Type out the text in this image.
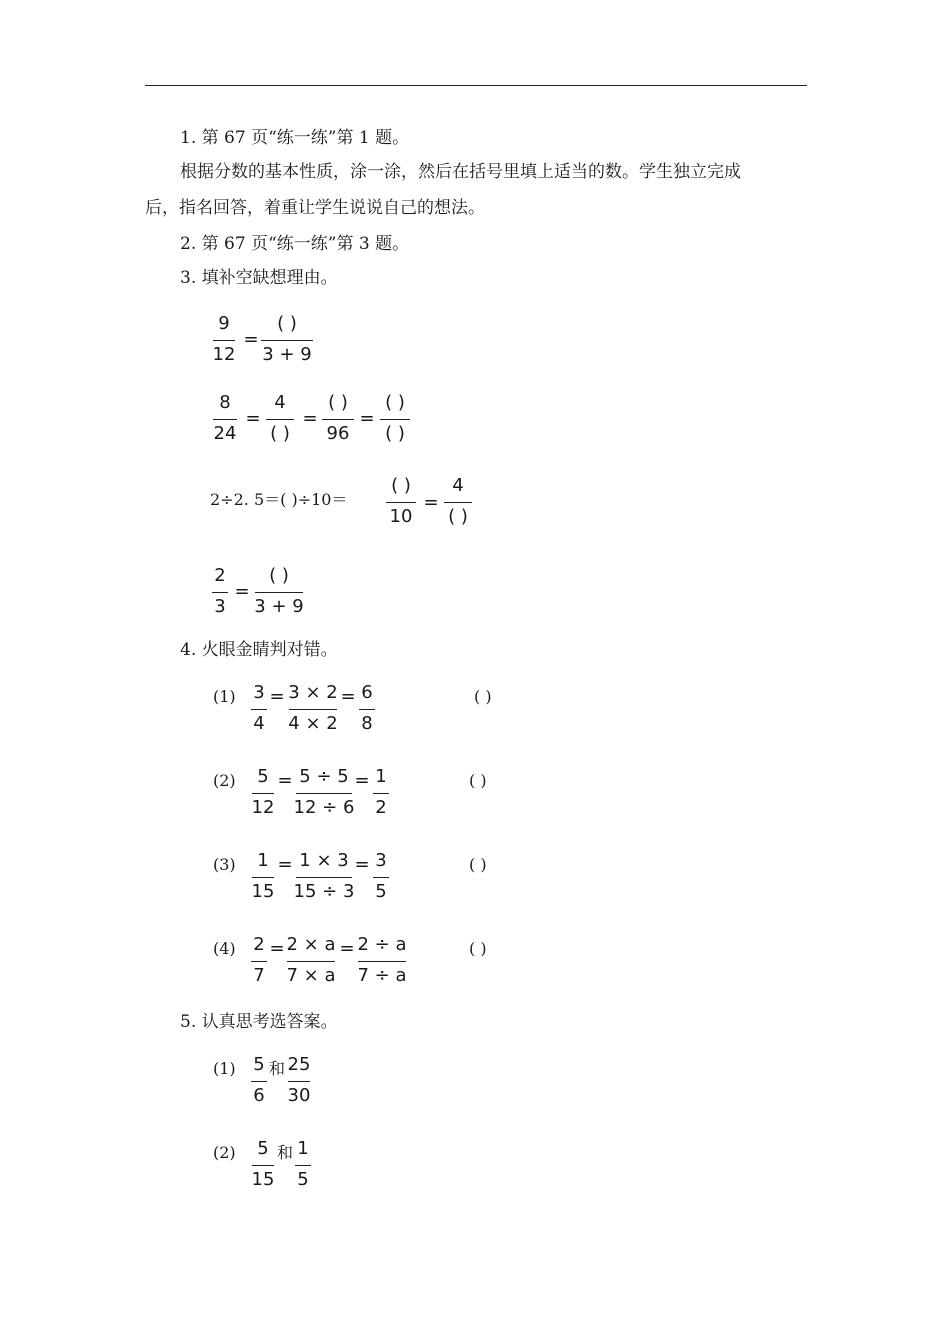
1. 第 67 页“练一练”第 1 题。
根据分数的基本性质，涂一涂，然后在括号里填上适当的数。学生独立完成
后，指名回答，着重让学生说说自己的想法。
2. 第 67 页“练一练”第 3 题。
3. 填补空缺想理由。
9
12
=
( )
3 + 9
8
24
=
4
( )
=
( )
96
=
( )
( )
2÷2. 5＝( )÷10＝
( )
10
=
4
( )
2
3
=
( )
3 + 9
4. 火眼金睛判对错。
(1) 3
4
= 3 × 2
4 × 2
= 6
8
( )
(2) 5
12
= 5 ÷ 5
12 ÷ 6
= 1
2
( )
(3) 1
15
= 1 × 3
15 ÷ 3
= 3
5
( )
(4) 2
7
= 2 × a
7 × a
= 2 ÷ a
7 ÷ a
( )
5. 认真思考选答案。
(1) 5
6
和 25
30
(2) 5
15
和 1
5
